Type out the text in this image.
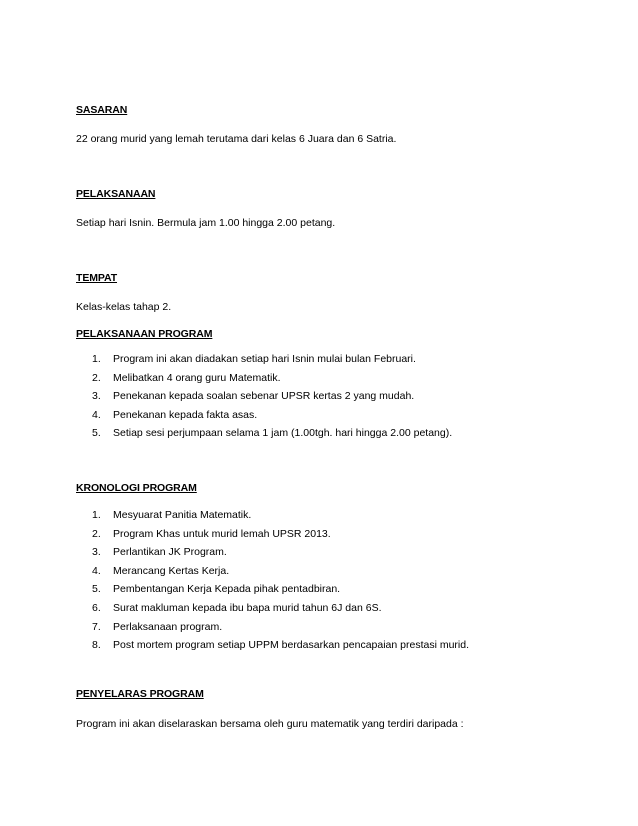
SASARAN
22 orang murid yang lemah terutama dari kelas 6 Juara dan 6 Satria.
PELAKSANAAN
Setiap hari Isnin. Bermula jam 1.00 hingga 2.00 petang.
TEMPAT
Kelas-kelas tahap 2.
PELAKSANAAN PROGRAM
1. Program ini akan diadakan setiap hari Isnin mulai bulan Februari.
2. Melibatkan 4 orang guru Matematik.
3. Penekanan kepada soalan sebenar UPSR kertas 2 yang mudah.
4. Penekanan kepada fakta asas.
5. Setiap sesi perjumpaan selama 1 jam (1.00tgh. hari hingga 2.00 petang).
KRONOLOGI PROGRAM
1. Mesyuarat Panitia Matematik.
2. Program Khas untuk murid lemah UPSR 2013.
3. Perlantikan JK Program.
4. Merancang Kertas Kerja.
5. Pembentangan Kerja Kepada pihak pentadbiran.
6. Surat makluman kepada ibu bapa murid tahun 6J dan 6S.
7. Perlaksanaan program.
8. Post mortem program setiap UPPM berdasarkan pencapaian prestasi murid.
PENYELARAS PROGRAM
Program ini akan diselaraskan bersama oleh guru matematik yang terdiri daripada :
